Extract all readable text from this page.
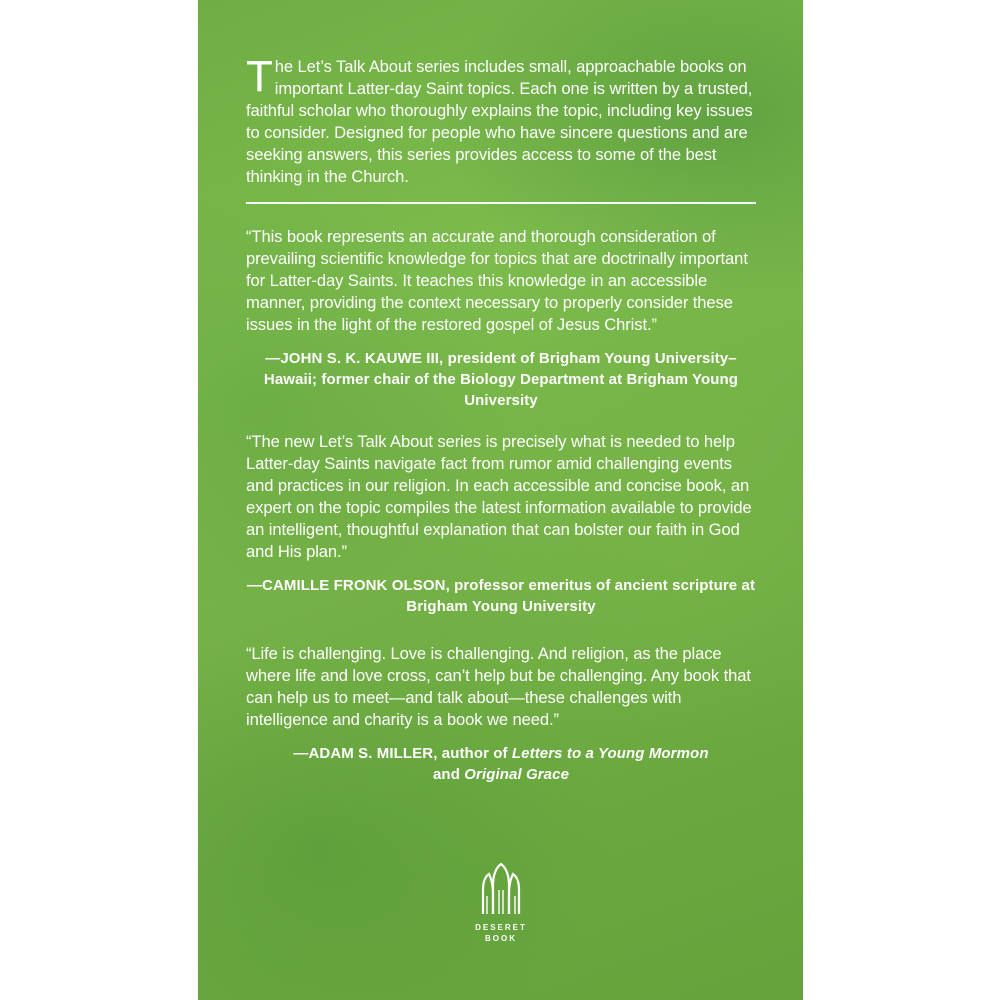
The Let’s Talk About series includes small, approachable books on important Latter-day Saint topics. Each one is written by a trusted, faithful scholar who thoroughly explains the topic, including key issues to consider. Designed for people who have sincere questions and are seeking answers, this series provides access to some of the best thinking in the Church.

“This book represents an accurate and thorough consideration of prevailing scientific knowledge for topics that are doctrinally important for Latter-day Saints. It teaches this knowledge in an accessible manner, providing the context necessary to properly consider these issues in the light of the restored gospel of Jesus Christ.”

—JOHN S. K. KAUWE III, president of Brigham Young University–Hawaii; former chair of the Biology Department at Brigham Young University

“The new Let’s Talk About series is precisely what is needed to help Latter-day Saints navigate fact from rumor amid challenging events and practices in our religion. In each accessible and concise book, an expert on the topic compiles the latest information available to provide an intelligent, thoughtful explanation that can bolster our faith in God and His plan.”

—CAMILLE FRONK OLSON, professor emeritus of ancient scripture at Brigham Young University

“Life is challenging. Love is challenging. And religion, as the place where life and love cross, can’t help but be challenging. Any book that can help us to meet—and talk about—these challenges with intelligence and charity is a book we need.”

—ADAM S. MILLER, author of Letters to a Young Mormon
and Original Grace

DESERET
BOOK
